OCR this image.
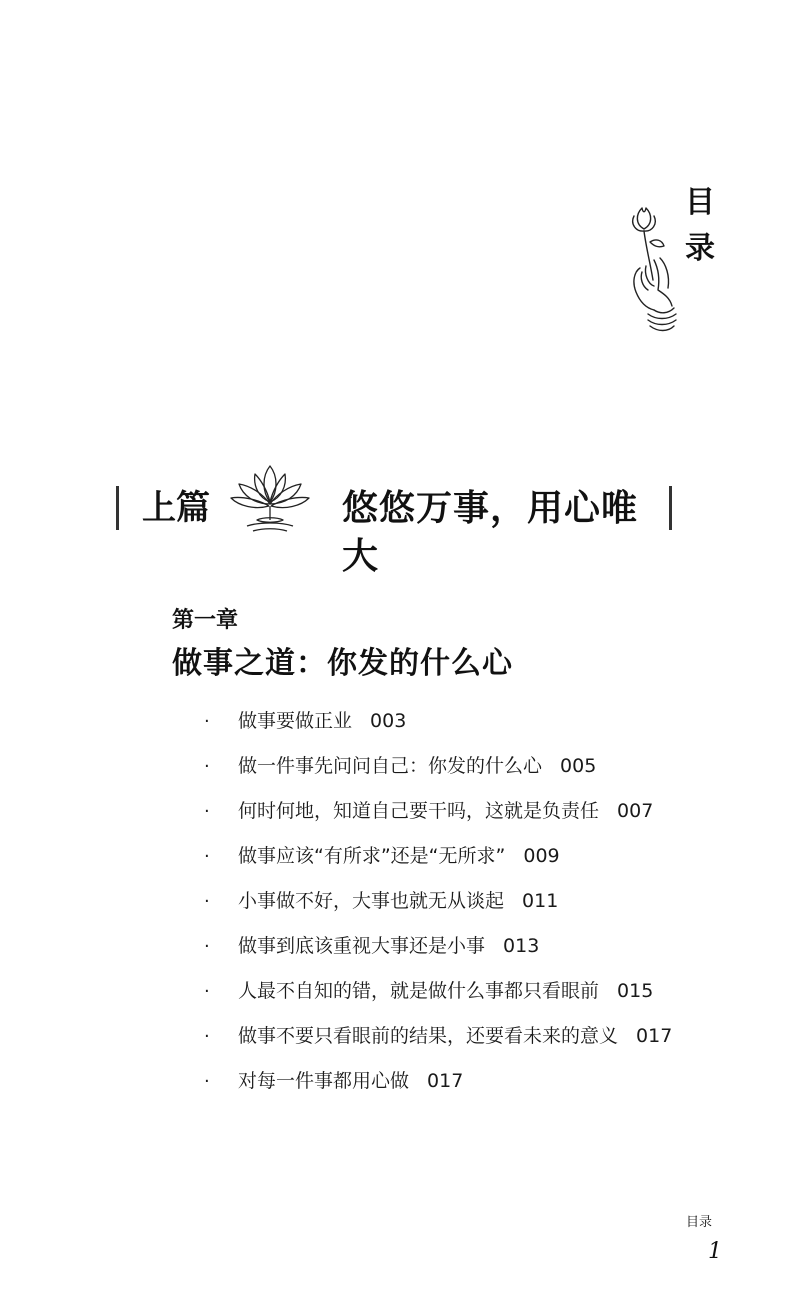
目
录
上篇	悠悠万事，用心唯大
第一章
做事之道：你发的什么心
· 做事要做正业 003
· 做一件事先问问自己：你发的什么心 005
· 何时何地，知道自己要干吗，这就是负责任 007
· 做事应该“有所求”还是“无所求” 009
· 小事做不好，大事也就无从谈起 011
· 做事到底该重视大事还是小事 013
· 人最不自知的错，就是做什么事都只看眼前 015
· 做事不要只看眼前的结果，还要看未来的意义 017
· 对每一件事都用心做 017
目录
1
